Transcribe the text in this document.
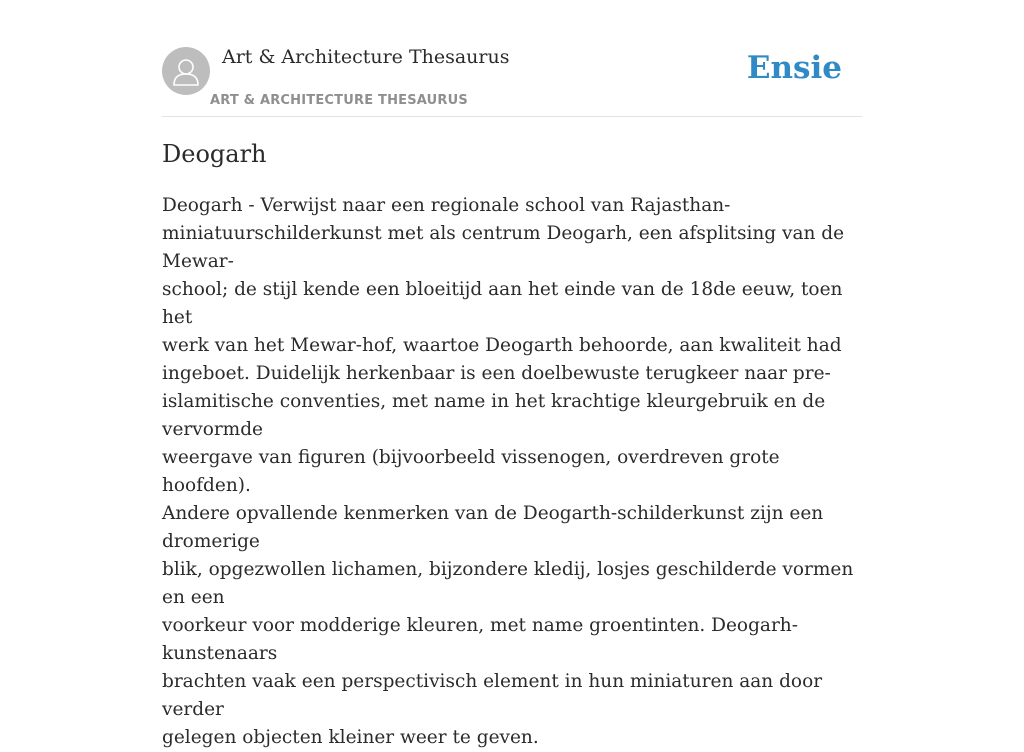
Art & Architecture Thesaurus
ART & ARCHITECTURE THESAURUS
Ensie
Deogarh

Deogarh - Verwijst naar een regionale school van Rajasthan-
miniatuurschilderkunst met als centrum Deogarh, een afsplitsing van de Mewar-
school; de stijl kende een bloeitijd aan het einde van de 18de eeuw, toen het
werk van het Mewar-hof, waartoe Deogarth behoorde, aan kwaliteit had
ingeboet. Duidelijk herkenbaar is een doelbewuste terugkeer naar pre-
islamitische conventies, met name in het krachtige kleurgebruik en de vervormde
weergave van figuren (bijvoorbeeld vissenogen, overdreven grote hoofden).
Andere opvallende kenmerken van de Deogarth-schilderkunst zijn een dromerige
blik, opgezwollen lichamen, bijzondere kledij, losjes geschilderde vormen en een
voorkeur voor modderige kleuren, met name groentinten. Deogarh-kunstenaars
brachten vaak een perspectivisch element in hun miniaturen aan door verder
gelegen objecten kleiner weer te geven.
